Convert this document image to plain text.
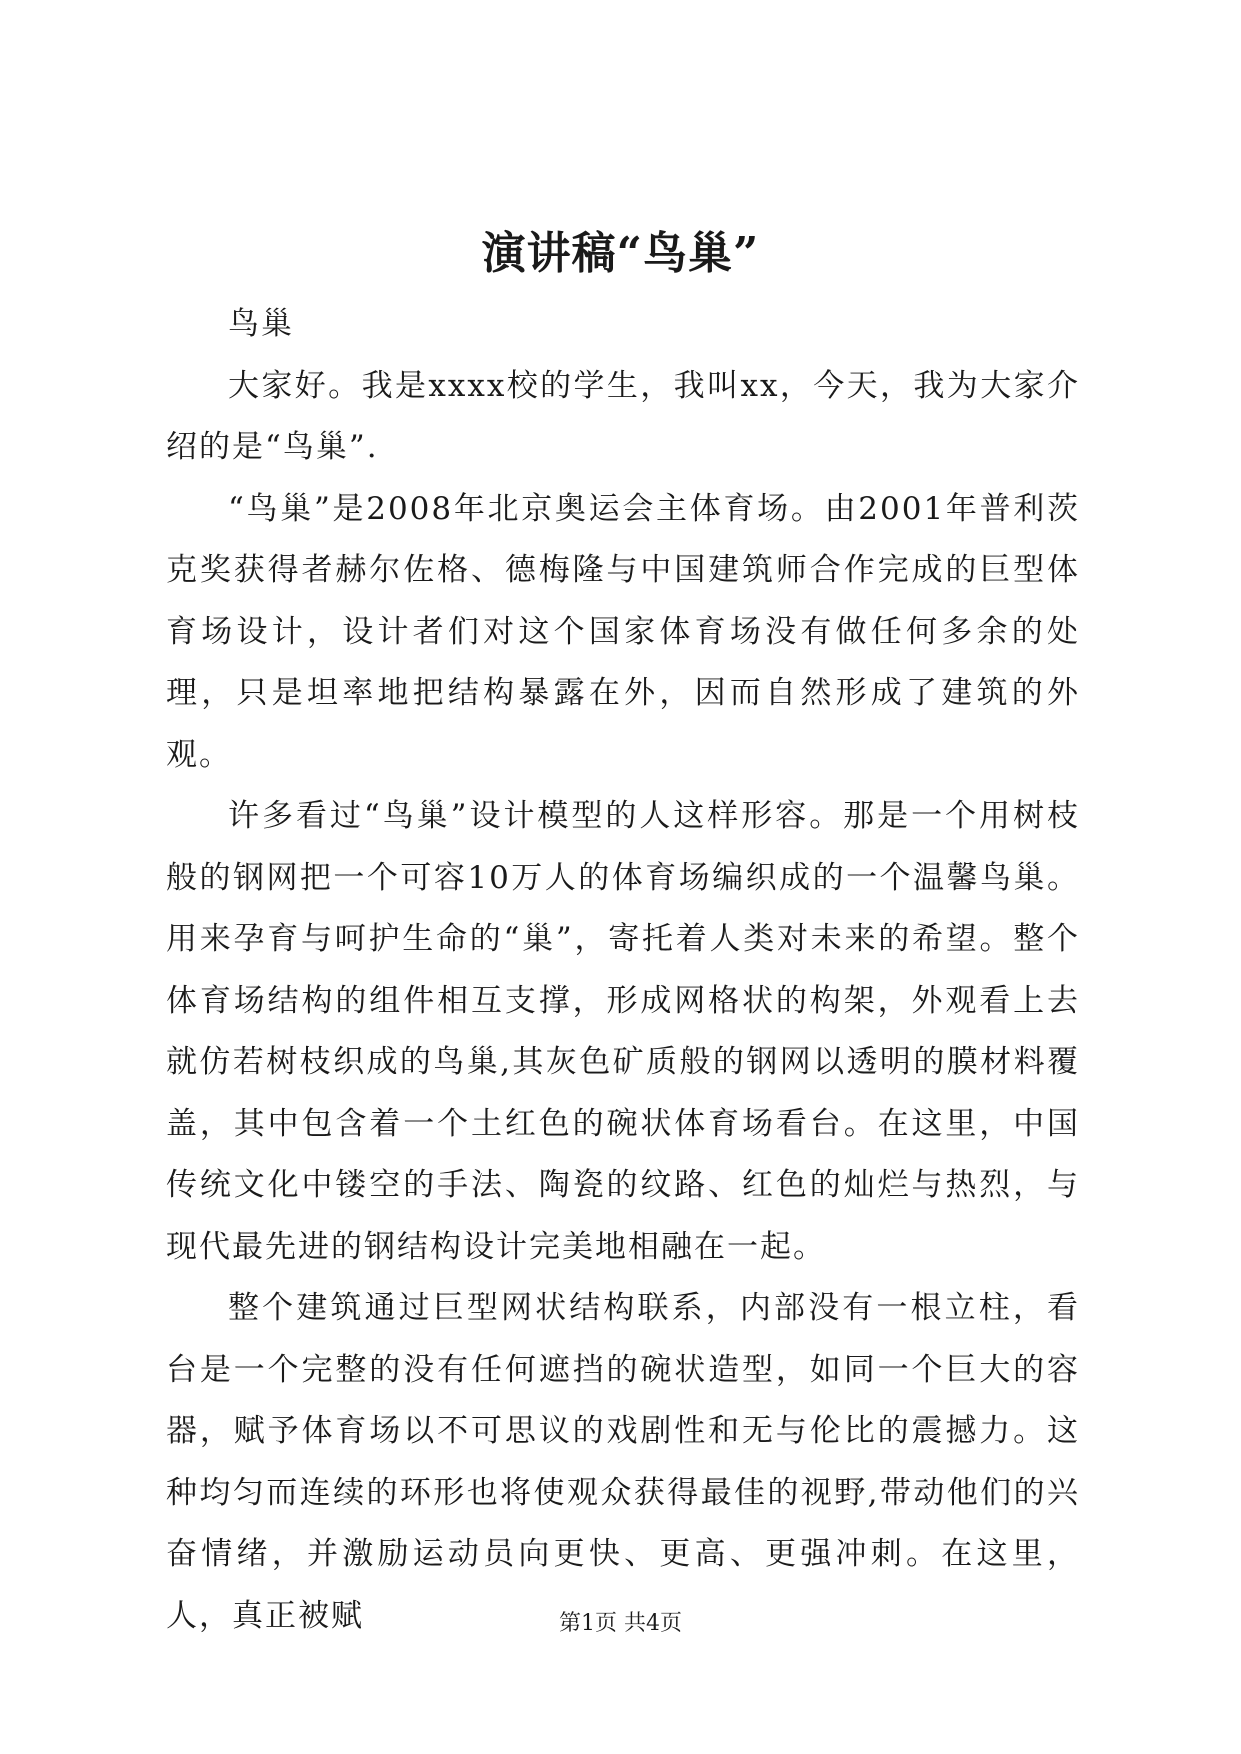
演讲稿“鸟巢”

鸟巢

大家好。我是xxxx校的学生，我叫xx，今天，我为大家介绍的是“鸟巢”.

“鸟巢”是2008年北京奥运会主体育场。由2001年普利茨克奖获得者赫尔佐格、德梅隆与中国建筑师合作完成的巨型体育场设计，设计者们对这个国家体育场没有做任何多余的处理，只是坦率地把结构暴露在外，因而自然形成了建筑的外观。

许多看过“鸟巢”设计模型的人这样形容。那是一个用树枝般的钢网把一个可容10万人的体育场编织成的一个温馨鸟巢。用来孕育与呵护生命的“巢”，寄托着人类对未来的希望。整个体育场结构的组件相互支撑，形成网格状的构架，外观看上去就仿若树枝织成的鸟巢,其灰色矿质般的钢网以透明的膜材料覆盖，其中包含着一个土红色的碗状体育场看台。在这里，中国传统文化中镂空的手法、陶瓷的纹路、红色的灿烂与热烈，与现代最先进的钢结构设计完美地相融在一起。

整个建筑通过巨型网状结构联系，内部没有一根立柱，看台是一个完整的没有任何遮挡的碗状造型，如同一个巨大的容器，赋予体育场以不可思议的戏剧性和无与伦比的震撼力。这种均匀而连续的环形也将使观众获得最佳的视野,带动他们的兴奋情绪，并激励运动员向更快、更高、更强冲刺。在这里，人，真正被赋	第1页 共4页
